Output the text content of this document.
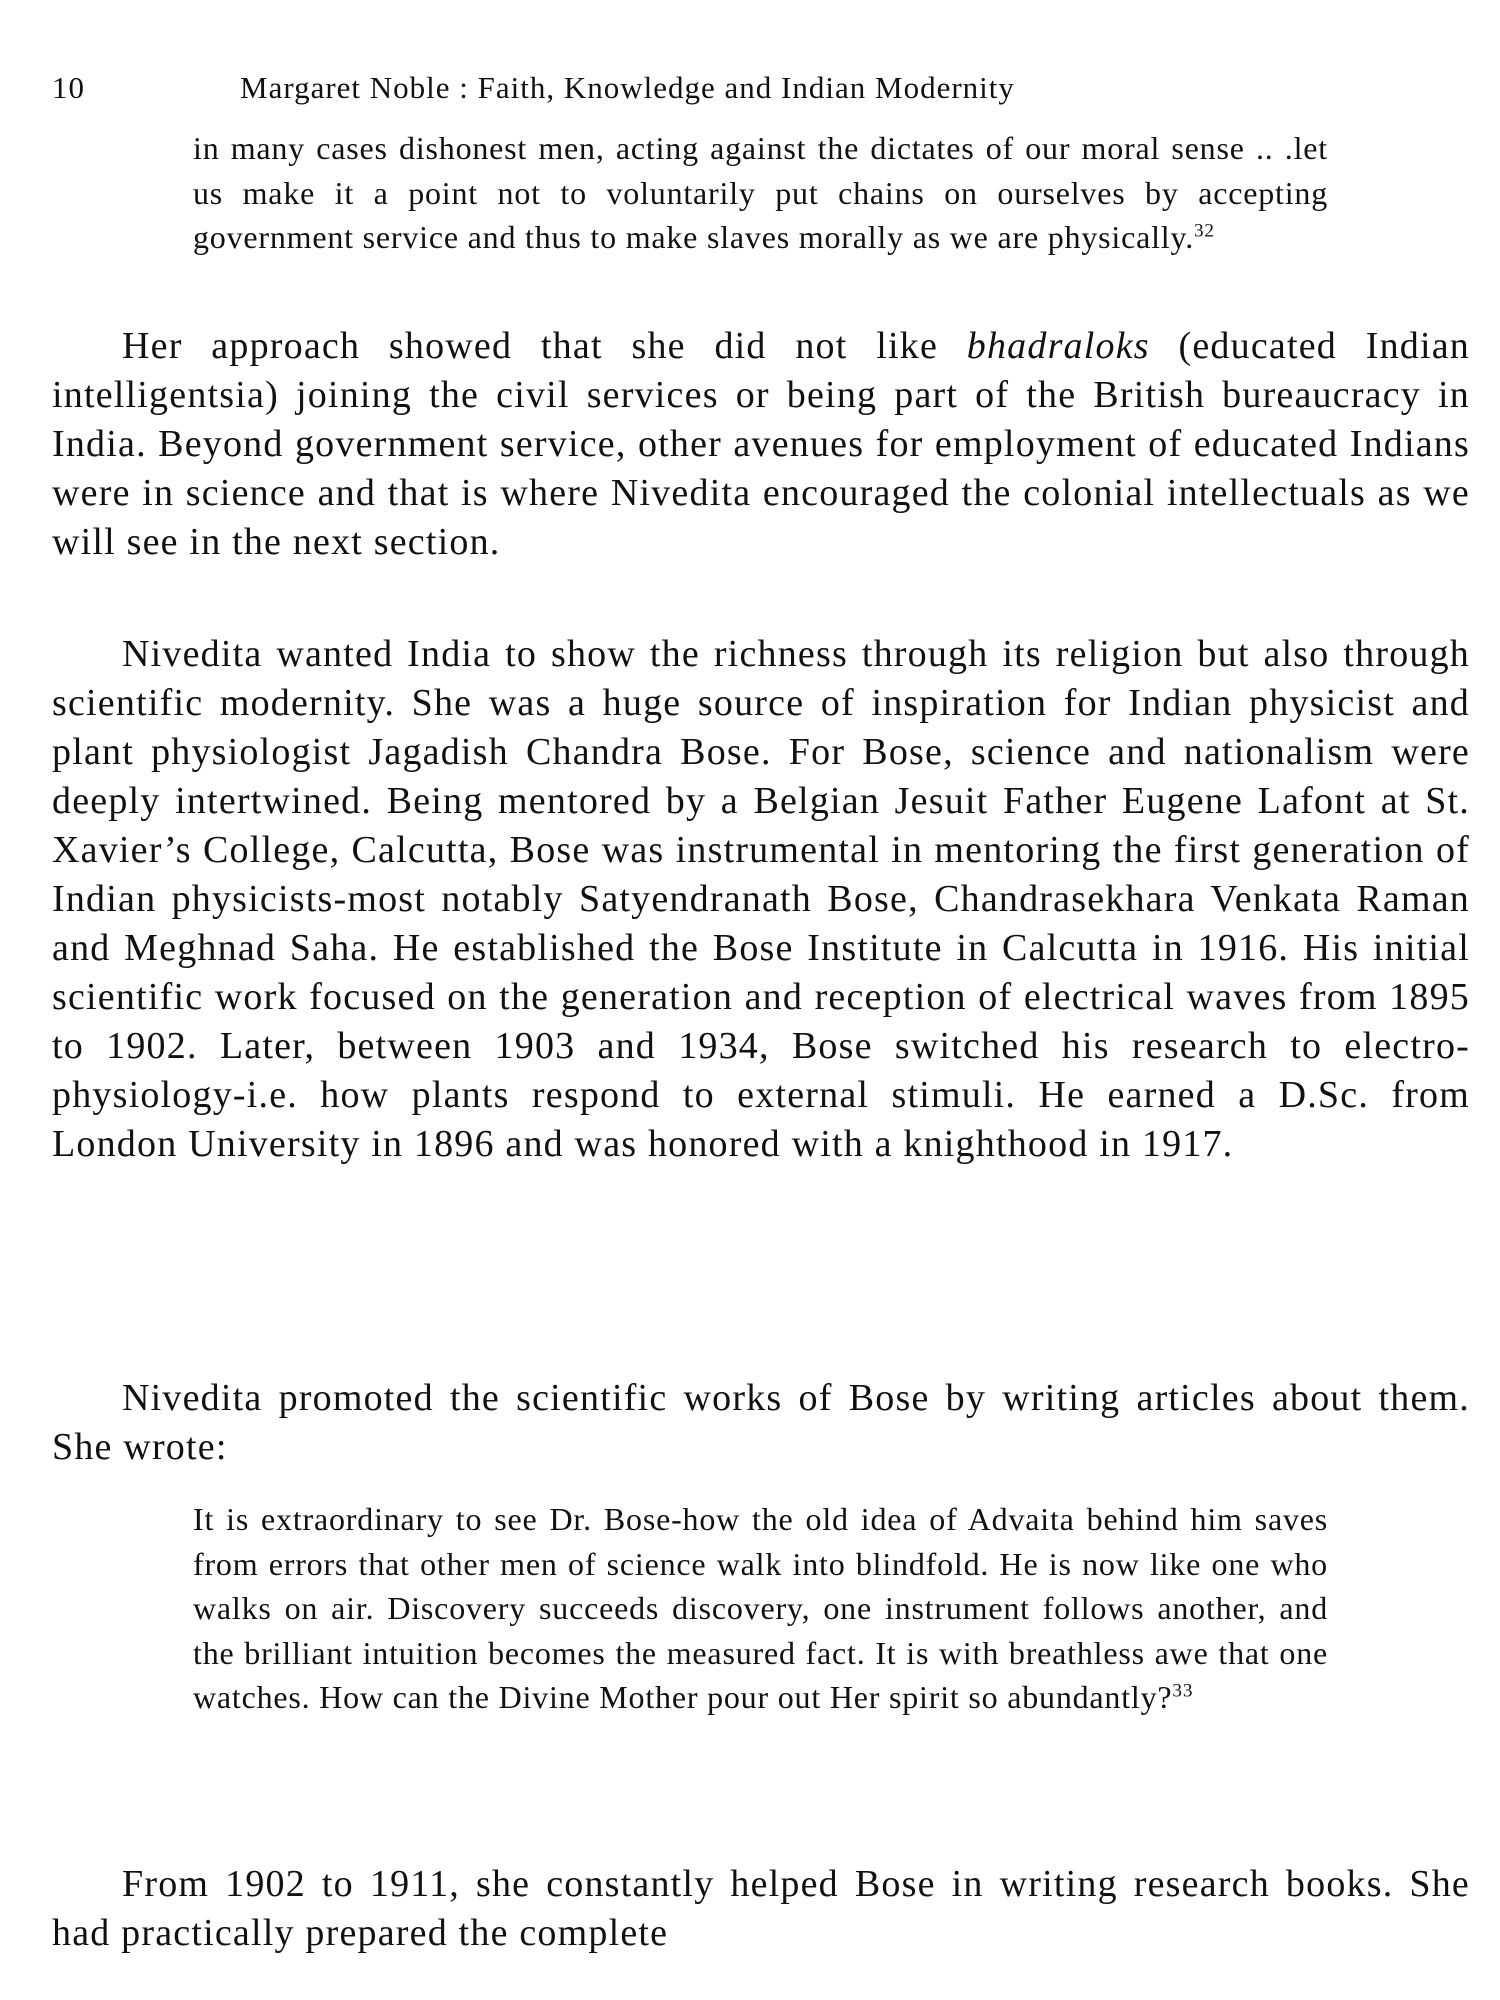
10	Margaret Noble : Faith, Knowledge and Indian Modernity
in many cases dishonest men, acting against the dictates of our moral sense .. .let us make it a point not to voluntarily put chains on ourselves by accepting government service and thus to make slaves morally as we are physically.$^{32}$
Her approach showed that she did not like bhadraloks (educated Indian intelligentsia) joining the civil services or being part of the British bureaucracy in India. Beyond government service, other avenues for employment of educated Indians were in science and that is where Nivedita encouraged the colonial intellectuals as we will see in the next section.
Nivedita wanted India to show the richness through its religion but also through scientific modernity. She was a huge source of inspiration for Indian physicist and plant physiologist Jagadish Chandra Bose. For Bose, science and nationalism were deeply intertwined. Being mentored by a Belgian Jesuit Father Eugene Lafont at St. Xavier’s College, Calcutta, Bose was instrumental in mentoring the first generation of Indian physicists-most notably Satyendranath Bose, Chandrasekhara Venkata Raman and Meghnad Saha. He established the Bose Institute in Calcutta in 1916. His initial scientific work focused on the generation and reception of electrical waves from 1895 to 1902. Later, between 1903 and 1934, Bose switched his research to electro- physiology-i.e. how plants respond to external stimuli. He earned a D.Sc. from London University in 1896 and was honored with a knighthood in 1917.
Nivedita promoted the scientific works of Bose by writing articles about them. She wrote:
It is extraordinary to see Dr. Bose-how the old idea of Advaita behind him saves from errors that other men of science walk into blindfold. He is now like one who walks on air. Discovery succeeds discovery, one instrument follows another, and the brilliant intuition becomes the measured fact. It is with breathless awe that one watches. How can the Divine Mother pour out Her spirit so abundantly?$^{33}$
From 1902 to 1911, she constantly helped Bose in writing research books. She had practically prepared the complete
